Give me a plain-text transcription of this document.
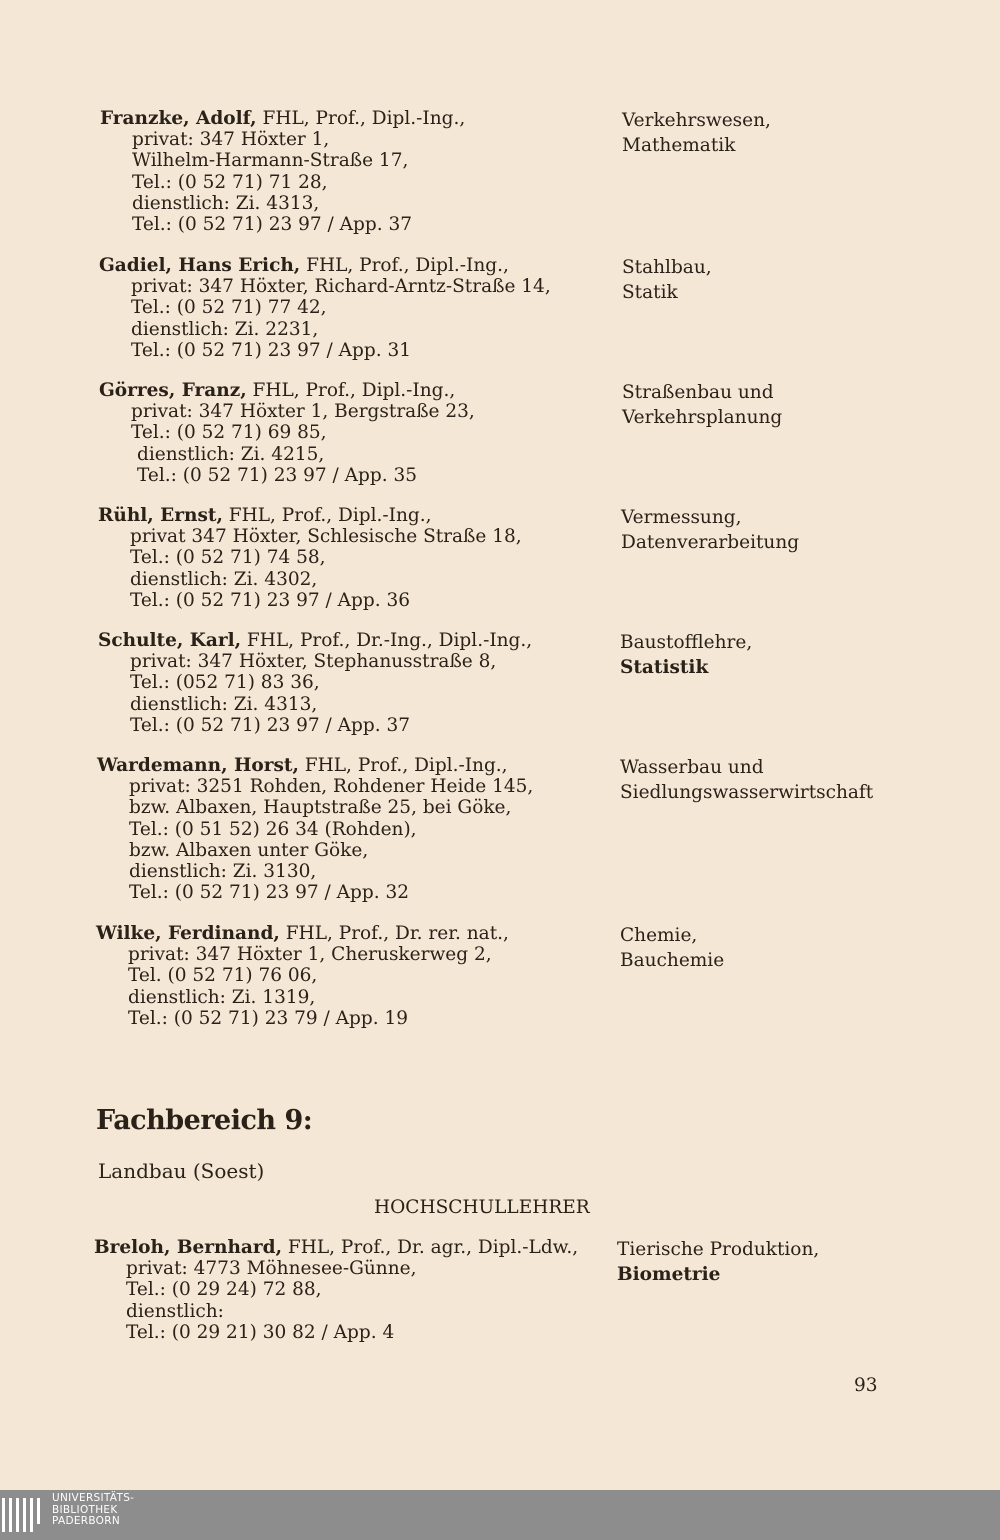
Franzke, Adolf, FHL, Prof., Dipl.-Ing.,
privat: 347 Höxter 1,
Wilhelm-Harmann-Straße 17,
Tel.: (0 52 71) 71 28,
dienstlich: Zi. 4313,
Tel.: (0 52 71) 23 97 / App. 37
Verkehrswesen,
Mathematik
Gadiel, Hans Erich, FHL, Prof., Dipl.-Ing.,
privat: 347 Höxter, Richard-Arntz-Straße 14,
Tel.: (0 52 71) 77 42,
dienstlich: Zi. 2231,
Tel.: (0 52 71) 23 97 / App. 31
Stahlbau,
Statik
Görres, Franz, FHL, Prof., Dipl.-Ing.,
privat: 347 Höxter 1, Bergstraße 23,
Tel.: (0 52 71) 69 85,
dienstlich: Zi. 4215,
Tel.: (0 52 71) 23 97 / App. 35
Straßenbau und
Verkehrsplanung
Rühl, Ernst, FHL, Prof., Dipl.-Ing.,
privat 347 Höxter, Schlesische Straße 18,
Tel.: (0 52 71) 74 58,
dienstlich: Zi. 4302,
Tel.: (0 52 71) 23 97 / App. 36
Vermessung,
Datenverarbeitung
Schulte, Karl, FHL, Prof., Dr.-Ing., Dipl.-Ing.,
privat: 347 Höxter, Stephanusstraße 8,
Tel.: (052 71) 83 36,
dienstlich: Zi. 4313,
Tel.: (0 52 71) 23 97 / App. 37
Baustofflehre,
Statistik
Wardemann, Horst, FHL, Prof., Dipl.-Ing.,
privat: 3251 Rohden, Rohdener Heide 145,
bzw. Albaxen, Hauptstraße 25, bei Göke,
Tel.: (0 51 52) 26 34 (Rohden),
bzw. Albaxen unter Göke,
dienstlich: Zi. 3130,
Tel.: (0 52 71) 23 97 / App. 32
Wasserbau und
Siedlungswasserwirtschaft
Wilke, Ferdinand, FHL, Prof., Dr. rer. nat.,
privat: 347 Höxter 1, Cheruskerweg 2,
Tel. (0 52 71) 76 06,
dienstlich: Zi. 1319,
Tel.: (0 52 71) 23 79 / App. 19
Chemie,
Bauchemie
Fachbereich 9:
Landbau (Soest)
HOCHSCHULLEHRER
Breloh, Bernhard, FHL, Prof., Dr. agr., Dipl.-Ldw.,
privat: 4773 Möhnesee-Günne,
Tel.: (0 29 24) 72 88,
dienstlich:
Tel.: (0 29 21) 30 82 / App. 4
Tierische Produktion,
Biometrie
93
UNIVERSITÄTS-
BIBLIOTHEK
PADERBORN
